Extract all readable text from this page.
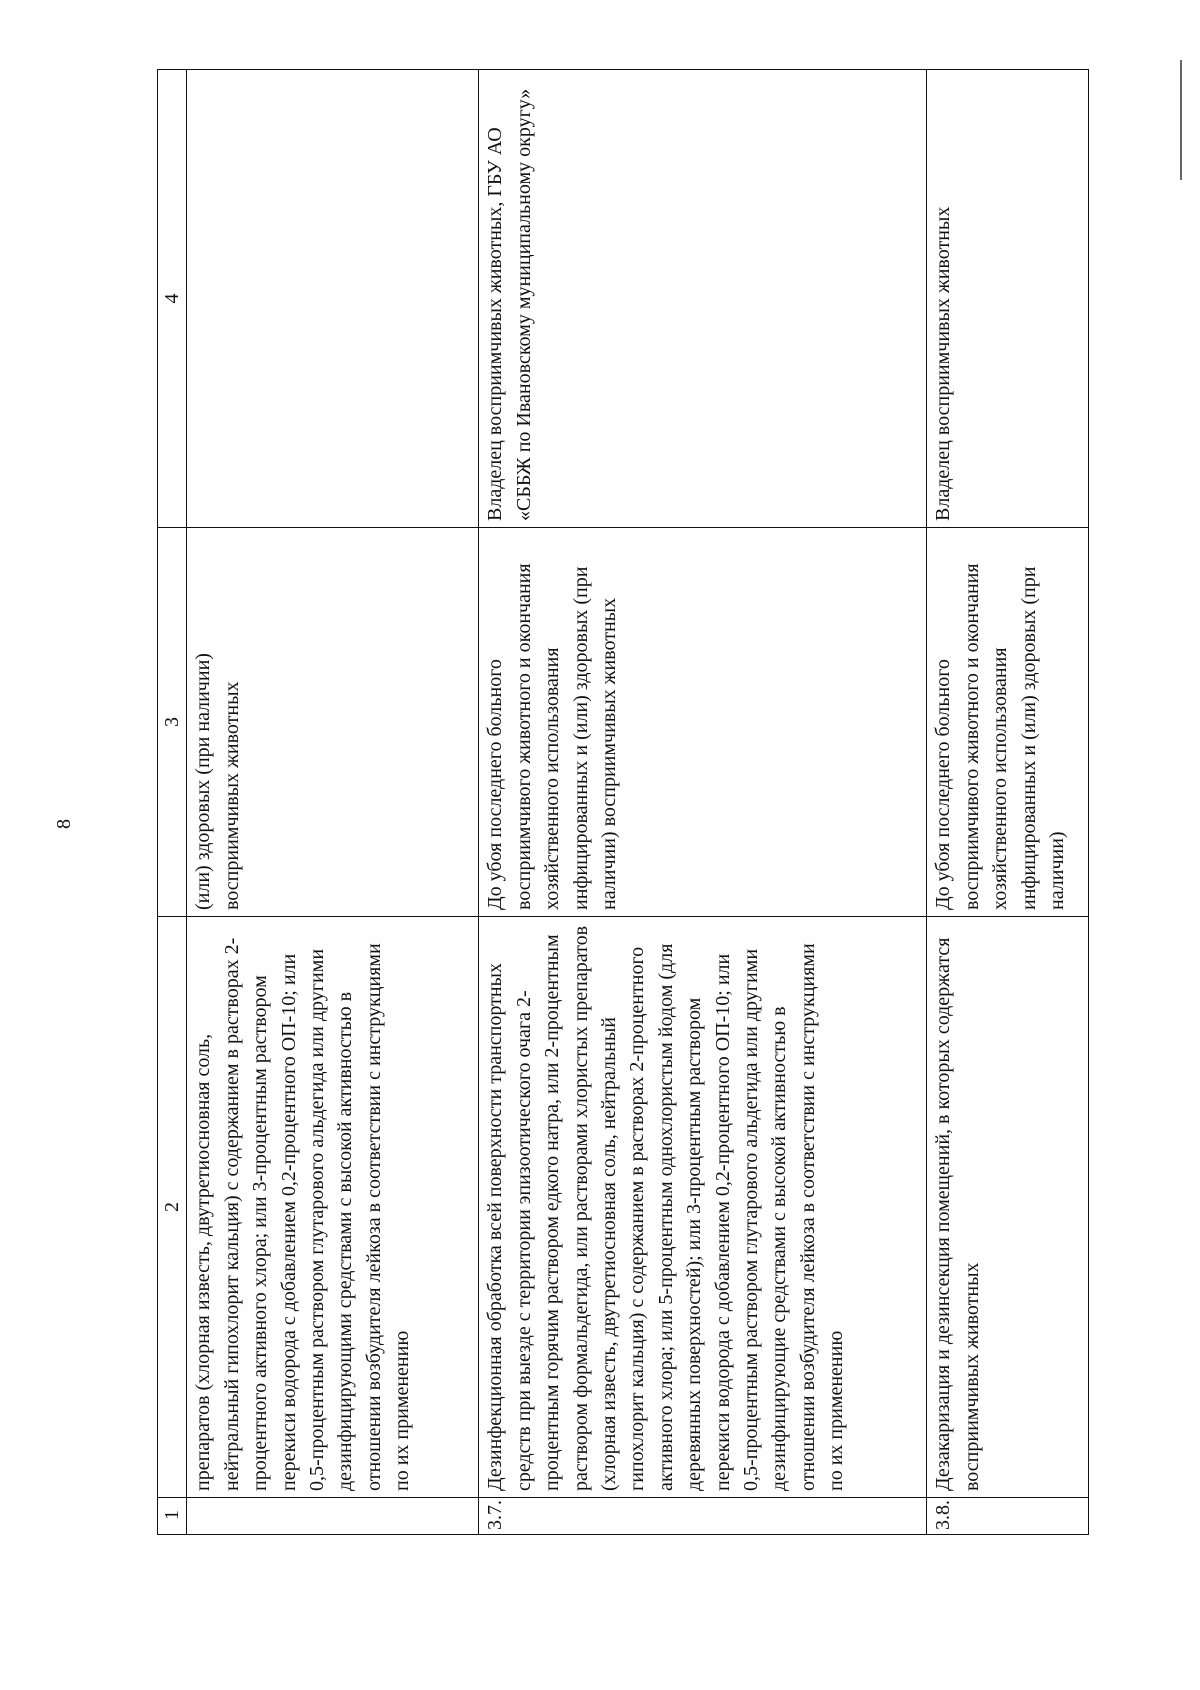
8
1	2	3	4
	препаратов (хлорная известь, двутретиосновная соль, нейтральный гипохлорит кальция) с содержанием в растворах 2-процентного активного хлора; или 3-процентным раствором перекиси водорода с добавлением 0,2-процентного ОП-10; или 0,5-процентным раствором глутарового альдегида или другими дезинфицирующими средствами с высокой активностью в отношении возбудителя лейкоза в соответствии с инструкциями по их применению	(или) здоровых (при наличии) восприимчивых животных	
3.7.	Дезинфекционная обработка всей поверхности транспортных средств при выезде с территории эпизоотического очага 2-процентным горячим раствором едкого натра, или 2-процентным раствором формальдегида, или растворами хлористых препаратов (хлорная известь, двутретиосновная соль, нейтральный гипохлорит кальция) с содержанием в растворах 2-процентного активного хлора; или 5-процентным однохлористым йодом (для деревянных поверхностей); или 3-процентным раствором перекиси водорода с добавлением 0,2-процентного ОП-10; или 0,5-процентным раствором глутарового альдегида или другими дезинфицирующие средствами с высокой активностью в отношении возбудителя лейкоза в соответствии с инструкциями по их применению	До убоя последнего больного восприимчивого животного и окончания хозяйственного использования инфицированных и (или) здоровых (при наличии) восприимчивых животных	Владелец восприимчивых животных, ГБУ АО «СББЖ по Ивановскому муниципальному округу»
3.8.	Дезакаризация и дезинсекция помещений, в которых содержатся восприимчивых животных	До убоя последнего больного восприимчивого животного и окончания хозяйственного использования инфицированных и (или) здоровых (при наличии)	Владелец восприимчивых животных
